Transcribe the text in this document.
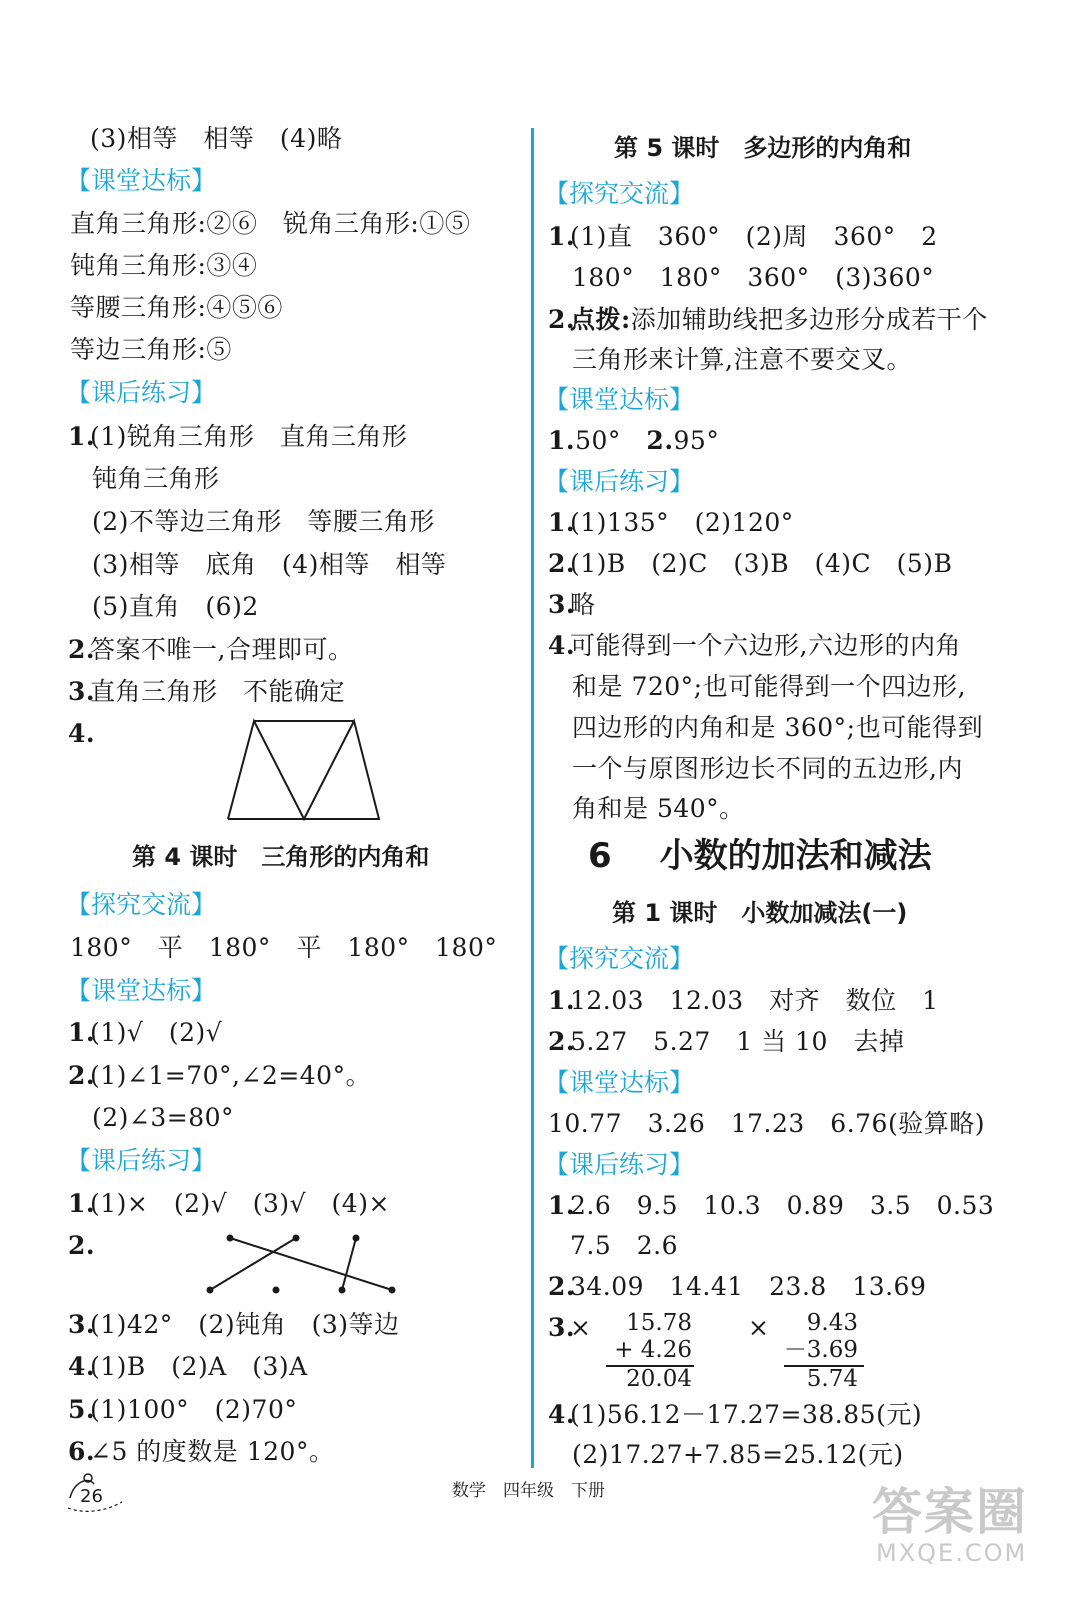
(3)相等　相等　(4)略
【课堂达标】
直角三角形:②⑥　锐角三角形:①⑤
钝角三角形:③④
等腰三角形:④⑤⑥
等边三角形:⑤
【课后练习】
1.
(1)锐角三角形　直角三角形
钝角三角形
(2)不等边三角形　等腰三角形
(3)相等　底角　(4)相等　相等
(5)直角　(6)2
2.
答案不唯一,合理即可。
3.
直角三角形　不能确定
4.
第 4 课时　三角形的内角和
【探究交流】
180°　平　180°　平　180°　180°
【课堂达标】
1.
(1)√　(2)√
2.
(1)∠1=70°,∠2=40°。
(2)∠3=80°
【课后练习】
1.
(1)×　(2)√　(3)√　(4)×
2.
3.
(1)42°　(2)钝角　(3)等边
4.
(1)B　(2)A　(3)A
5.
(1)100°　(2)70°
6.
∠5 的度数是 120°。
第 5 课时　多边形的内角和
【探究交流】
1.
(1)直　360°　(2)周　360°　2
180°　180°　360°　(3)360°
2.
点拨:添加辅助线把多边形分成若干个
三角形来计算,注意不要交叉。
【课堂达标】
1.50°　2.95°
【课后练习】
1.
(1)135°　(2)120°
2.
(1)B　(2)C　(3)B　(4)C　(5)B
3.
略
4.
可能得到一个六边形,六边形的内角
和是 720°;也可能得到一个四边形,
四边形的内角和是 360°;也可能得到
一个与原图形边长不同的五边形,内
角和是 540°。
6 小数的加法和减法
第 1 课时　小数加减法(一)
【探究交流】
1.
12.03　12.03　对齐　数位　1
2.
5.27　5.27　1 当 10　去掉
【课堂达标】
10.77　3.26　17.23　6.76(验算略)
【课后练习】
1.
2.6　9.5　10.3　0.89　3.5　0.53
7.5　2.6
2.
34.09　14.41　23.8　13.69
3.
×	15.78
+ 4.26
20.04
×	9.43
－3.69
5.74
4.
(1)56.12－17.27=38.85(元)
(2)17.27+7.85=25.12(元)
26	数学　四年级　下册	答案圈
MXQE.COM
